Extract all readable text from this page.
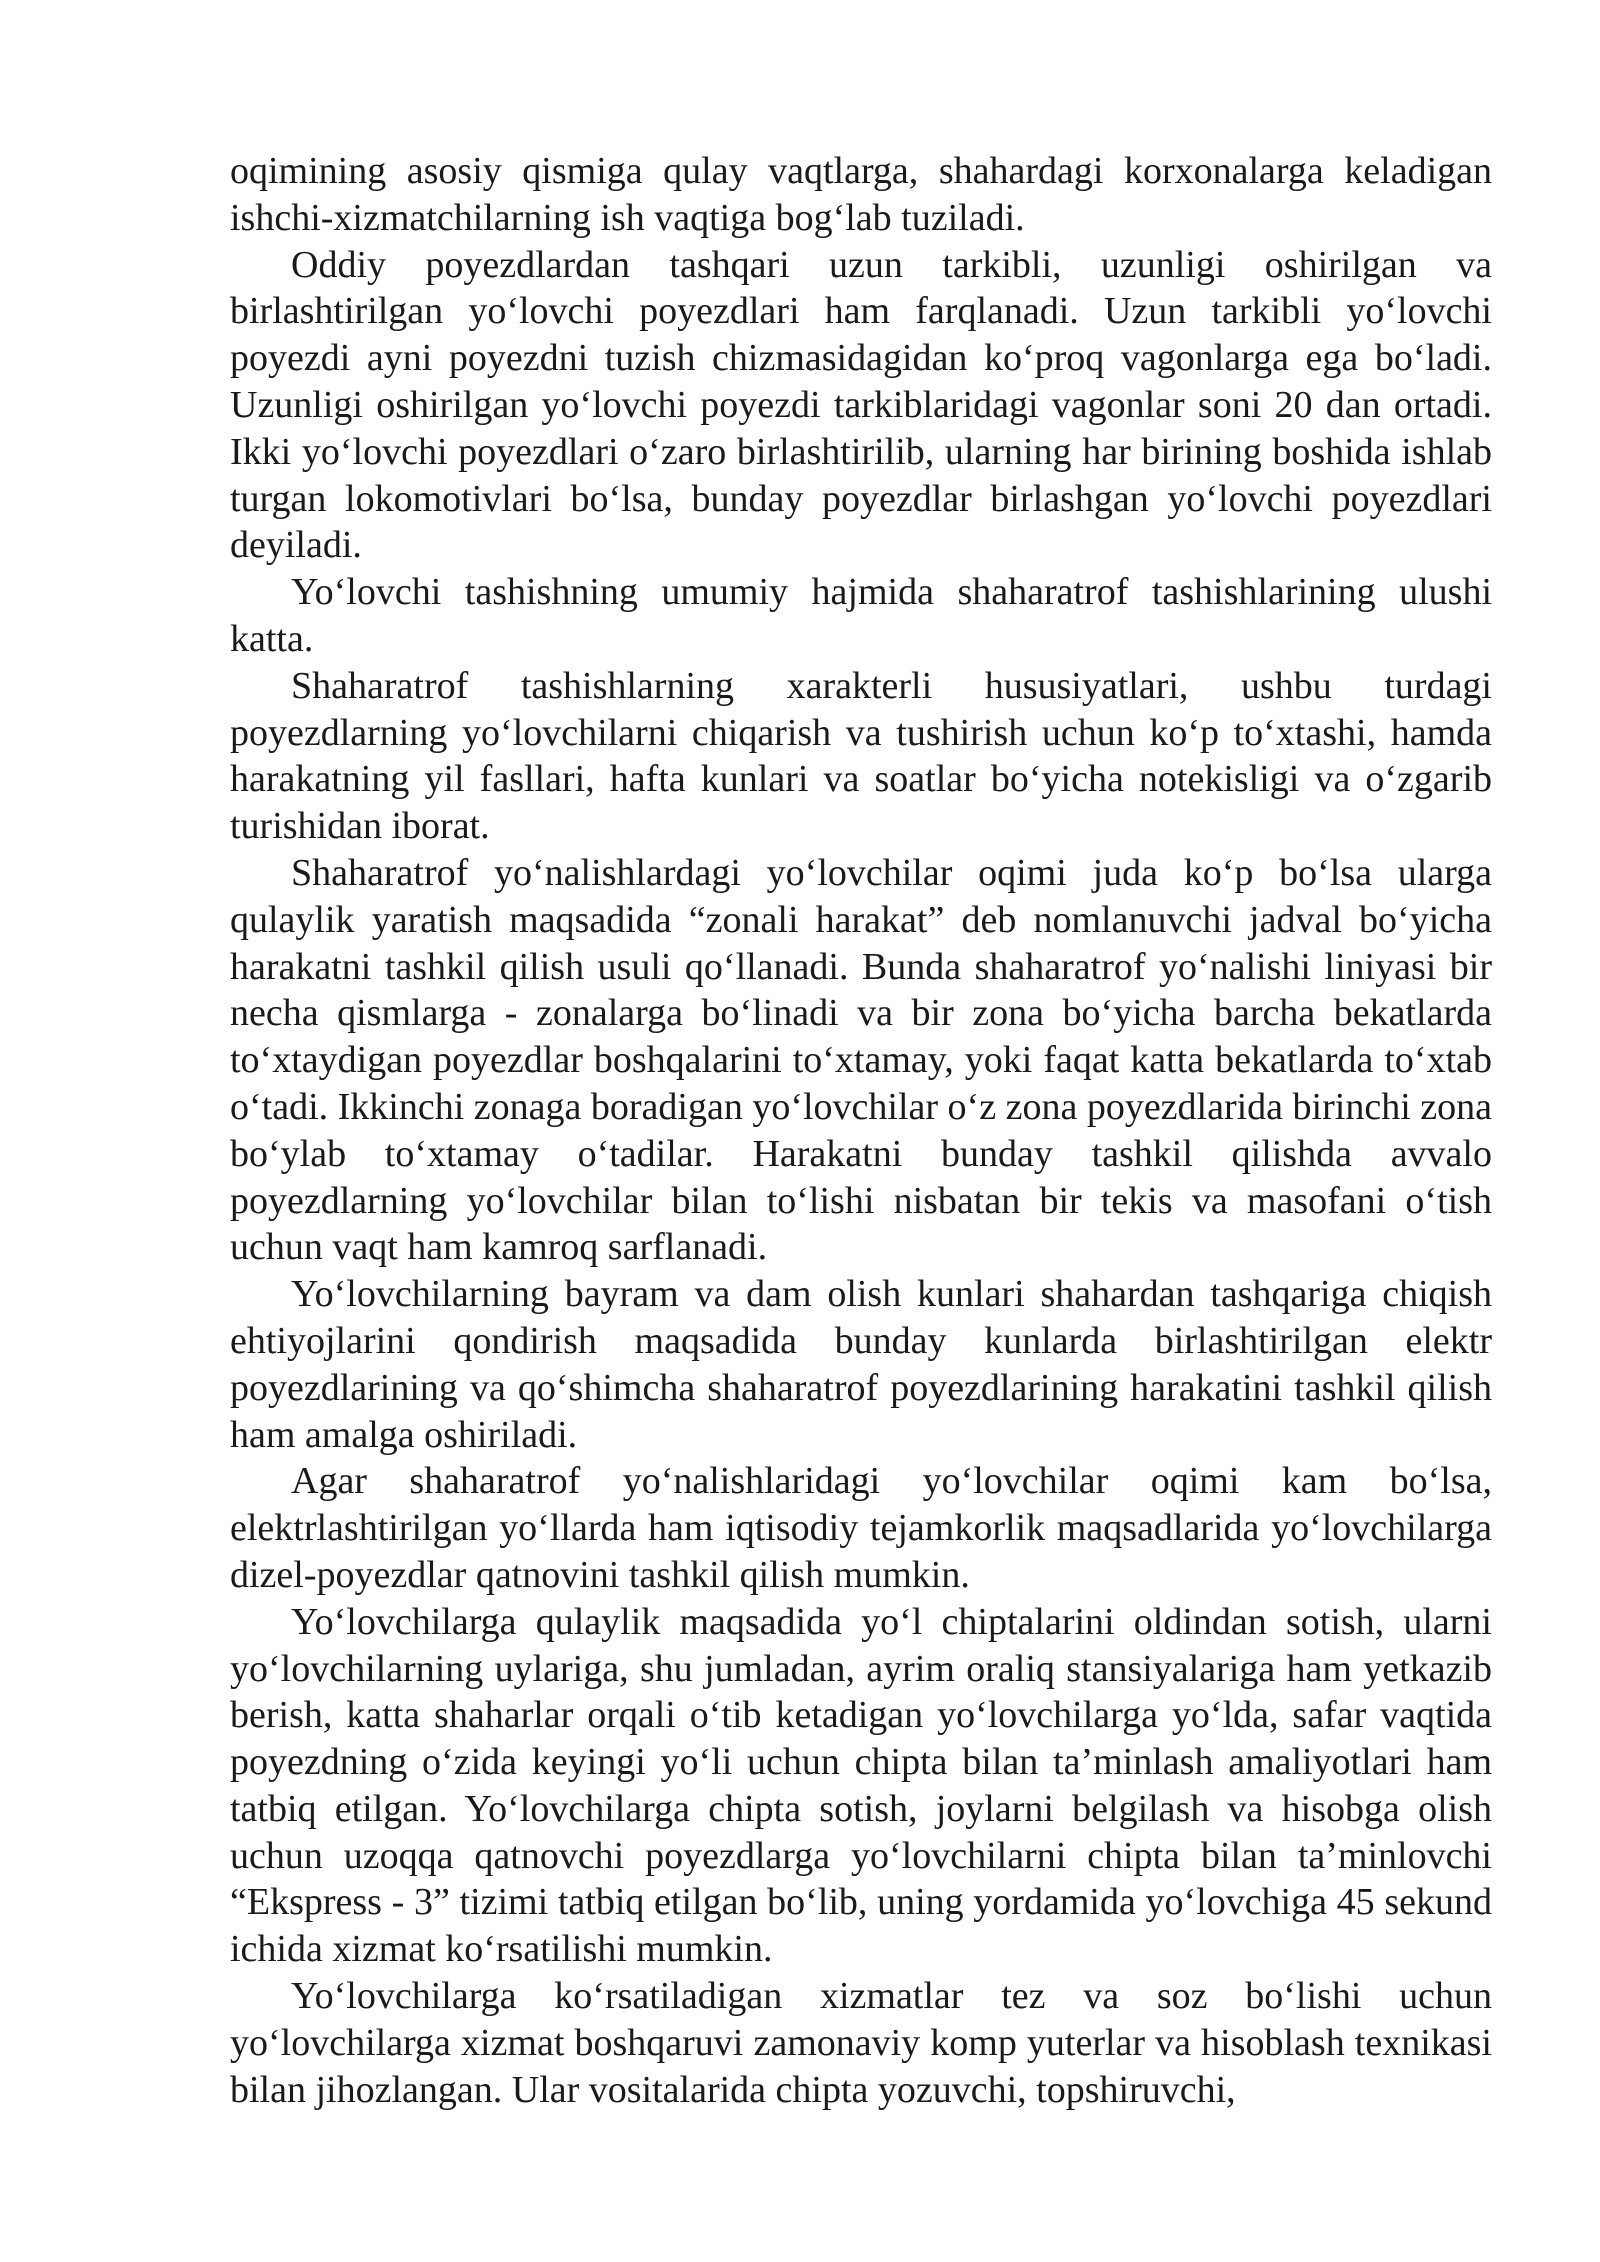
oqimining asosiy qismiga qulay vaqtlarga, shahardagi korxonalarga keladigan ishchi-xizmatchilarning ish vaqtiga bog‘lab tuziladi.

Oddiy poyezdlardan tashqari uzun tarkibli, uzunligi oshirilgan va birlashtirilgan yo‘lovchi poyezdlari ham farqlanadi. Uzun tarkibli yo‘lovchi poyezdi ayni poyezdni tuzish chizmasidagidan ko‘proq vagonlarga ega bo‘ladi. Uzunligi oshirilgan yo‘lovchi poyezdi tarkiblaridagi vagonlar soni 20 dan ortadi. Ikki yo‘lovchi poyezdlari o‘zaro birlashtirilib, ularning har birining boshida ishlab turgan lokomotivlari bo‘lsa, bunday poyezdlar birlashgan yo‘lovchi poyezdlari deyiladi.

Yo‘lovchi tashishning umumiy hajmida shaharatrof tashishlarining ulushi katta.

Shaharatrof tashishlarning xarakterli hususiyatlari, ushbu turdagi poyezdlarning yo‘lovchilarni chiqarish va tushirish uchun ko‘p to‘xtashi, hamda harakatning yil fasllari, hafta kunlari va soatlar bo‘yicha notekisligi va o‘zgarib turishidan iborat.

Shaharatrof yo‘nalishlardagi yo‘lovchilar oqimi juda ko‘p bo‘lsa ularga qulaylik yaratish maqsadida “zonali harakat” deb nomlanuvchi jadval bo‘yicha harakatni tashkil qilish usuli qo‘llanadi. Bunda shaharatrof yo‘nalishi liniyasi bir necha qismlarga - zonalarga bo‘linadi va bir zona bo‘yicha barcha bekatlarda to‘xtaydigan poyezdlar boshqalarini to‘xtamay, yoki faqat katta bekatlarda to‘xtab o‘tadi. Ikkinchi zonaga boradigan yo‘lovchilar o‘z zona poyezdlarida birinchi zona bo‘ylab to‘xtamay o‘tadilar. Harakatni bunday tashkil qilishda avvalo poyezdlarning yo‘lovchilar bilan to‘lishi nisbatan bir tekis va masofani o‘tish uchun vaqt ham kamroq sarflanadi.

Yo‘lovchilarning bayram va dam olish kunlari shahardan tashqariga chiqish ehtiyojlarini qondirish maqsadida bunday kunlarda birlashtirilgan elektr poyezdlarining va qo‘shimcha shaharatrof poyezdlarining harakatini tashkil qilish ham amalga oshiriladi.

Agar shaharatrof yo‘nalishlaridagi yo‘lovchilar oqimi kam bo‘lsa, elektrlashtirilgan yo‘llarda ham iqtisodiy tejamkorlik maqsadlarida yo‘lovchilarga dizel-poyezdlar qatnovini tashkil qilish mumkin.

Yo‘lovchilarga qulaylik maqsadida yo‘l chiptalarini oldindan sotish, ularni yo‘lovchilarning uylariga, shu jumladan, ayrim oraliq stansiyalariga ham yetkazib berish, katta shaharlar orqali o‘tib ketadigan yo‘lovchilarga yo‘lda, safar vaqtida poyezdning o‘zida keyingi yo‘li uchun chipta bilan ta’minlash amaliyotlari ham tatbiq etilgan. Yo‘lovchilarga chipta sotish, joylarni belgilash va hisobga olish uchun uzoqqa qatnovchi poyezdlarga yo‘lovchilarni chipta bilan ta’minlovchi “Ekspress - 3” tizimi tatbiq etilgan bo‘lib, uning yordamida yo‘lovchiga 45 sekund ichida xizmat ko‘rsatilishi mumkin.

Yo‘lovchilarga ko‘rsatiladigan xizmatlar tez va soz bo‘lishi uchun yo‘lovchilarga xizmat boshqaruvi zamonaviy komp yuterlar va hisoblash texnikasi bilan jihozlangan. Ular vositalarida chipta yozuvchi, topshiruvchi,
